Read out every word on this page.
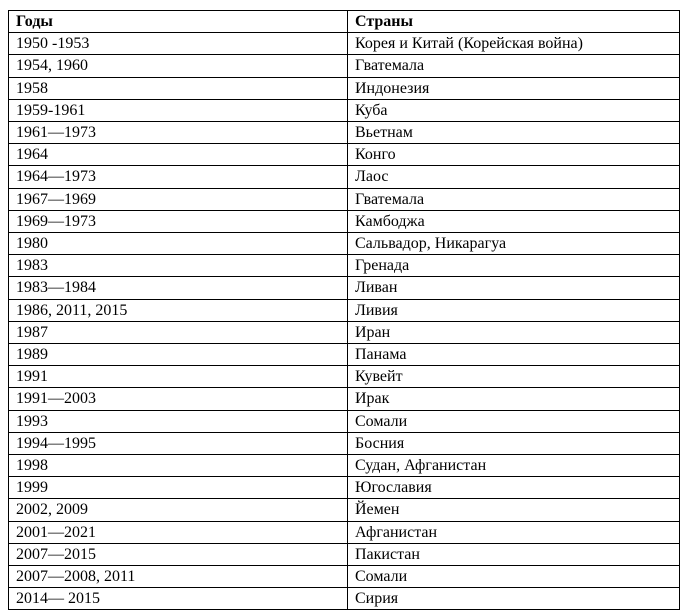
Годы	Страны
1950 -1953	Корея и Китай (Корейская война)
1954, 1960	Гватемала
1958	Индонезия
1959-1961	Куба
1961—1973	Вьетнам
1964	Конго
1964—1973	Лаос
1967—1969	Гватемала
1969—1973	Камбоджа
1980	Сальвадор, Никарагуа
1983	Гренада
1983—1984	Ливан
1986, 2011, 2015	Ливия
1987	Иран
1989	Панама
1991	Кувейт
1991—2003	Ирак
1993	Сомали
1994—1995	Босния
1998	Судан, Афганистан
1999	Югославия
2002, 2009	Йемен
2001—2021	Афганистан
2007—2015	Пакистан
2007—2008, 2011	Сомали
2014— 2015	Сирия
